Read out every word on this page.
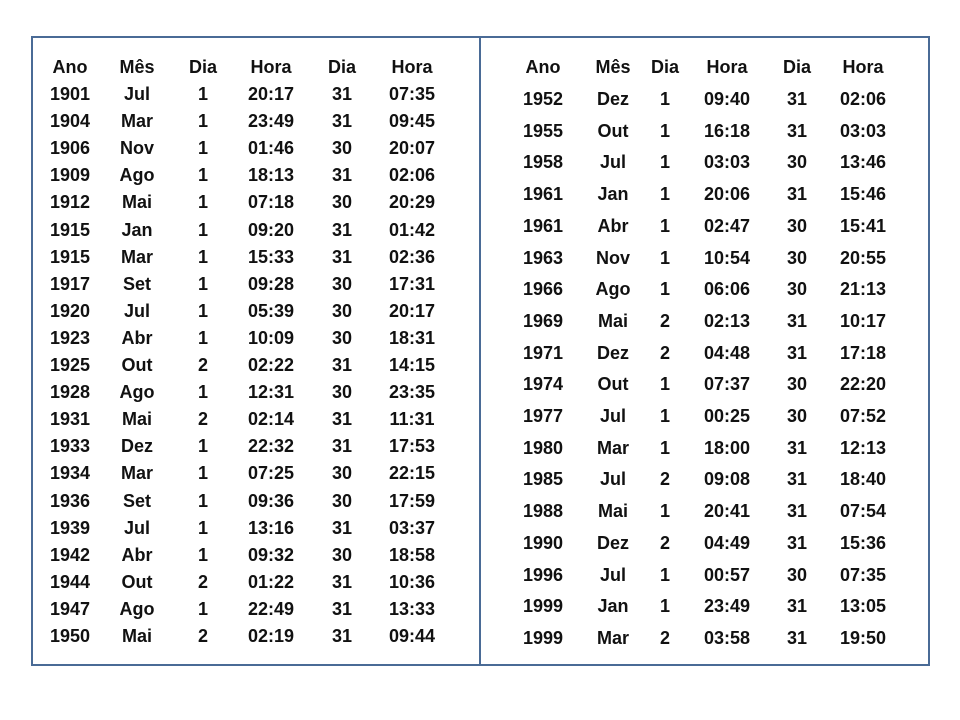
Ano	Mês	Dia	Hora	Dia	Hora
1901	Jul	1	20:17	31	07:35
1904	Mar	1	23:49	31	09:45
1906	Nov	1	01:46	30	20:07
1909	Ago	1	18:13	31	02:06
1912	Mai	1	07:18	30	20:29
1915	Jan	1	09:20	31	01:42
1915	Mar	1	15:33	31	02:36
1917	Set	1	09:28	30	17:31
1920	Jul	1	05:39	30	20:17
1923	Abr	1	10:09	30	18:31
1925	Out	2	02:22	31	14:15
1928	Ago	1	12:31	30	23:35
1931	Mai	2	02:14	31	11:31
1933	Dez	1	22:32	31	17:53
1934	Mar	1	07:25	30	22:15
1936	Set	1	09:36	30	17:59
1939	Jul	1	13:16	31	03:37
1942	Abr	1	09:32	30	18:58
1944	Out	2	01:22	31	10:36
1947	Ago	1	22:49	31	13:33
1950	Mai	2	02:19	31	09:44
Ano	Mês	Dia	Hora	Dia	Hora
1952	Dez	1	09:40	31	02:06
1955	Out	1	16:18	31	03:03
1958	Jul	1	03:03	30	13:46
1961	Jan	1	20:06	31	15:46
1961	Abr	1	02:47	30	15:41
1963	Nov	1	10:54	30	20:55
1966	Ago	1	06:06	30	21:13
1969	Mai	2	02:13	31	10:17
1971	Dez	2	04:48	31	17:18
1974	Out	1	07:37	30	22:20
1977	Jul	1	00:25	30	07:52
1980	Mar	1	18:00	31	12:13
1985	Jul	2	09:08	31	18:40
1988	Mai	1	20:41	31	07:54
1990	Dez	2	04:49	31	15:36
1996	Jul	1	00:57	30	07:35
1999	Jan	1	23:49	31	13:05
1999	Mar	2	03:58	31	19:50
